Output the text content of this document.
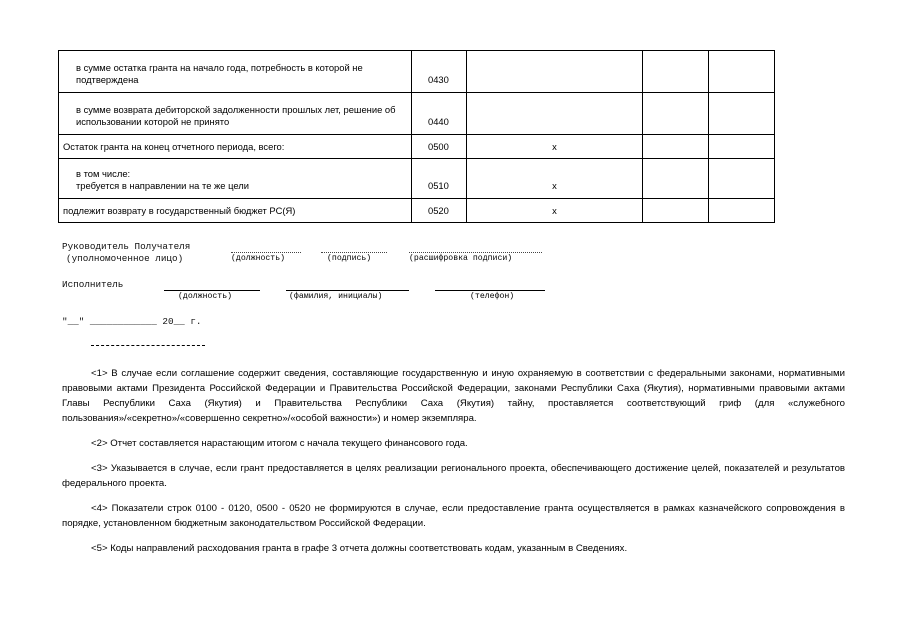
в сумме остатка гранта на начало года, потребность в которой не подтверждена	0430			
в сумме возврата дебиторской задолженности прошлых лет, решение об использовании которой не принято	0440			
Остаток гранта на конец отчетного периода, всего:	0500	x		
в том числе:
требуется в направлении на те же цели	0510	x		
подлежит возврату в государственный бюджет РС(Я)	0520	x		
Руководитель Получателя
(уполномоченное лицо)	(должность)	(подпись)	(расшифровка подписи)
Исполнитель
(должность)	(фамилия, инициалы)	(телефон)
"__" ____________ 20__ г.

<1> В случае если соглашение содержит сведения, составляющие государственную и иную охраняемую в соответствии с федеральными законами, нормативными правовыми актами Президента Российской Федерации и Правительства Российской Федерации, законами Республики Саха (Якутия), нормативными правовыми актами Главы Республики Саха (Якутия) и Правительства Республики Саха (Якутия) тайну, проставляется соответствующий гриф (для «служебного пользования»/«секретно»/«совершенно секретно»/«особой важности») и номер экземпляра.

<2> Отчет составляется нарастающим итогом с начала текущего финансового года.

<3> Указывается в случае, если грант предоставляется в целях реализации регионального проекта, обеспечивающего достижение целей, показателей и результатов федерального проекта.

<4> Показатели строк 0100 - 0120, 0500 - 0520 не формируются в случае, если предоставление гранта осуществляется в рамках казначейского сопровождения в порядке, установленном бюджетным законодательством Российской Федерации.

<5> Коды направлений расходования гранта в графе 3 отчета должны соответствовать кодам, указанным в Сведениях.
